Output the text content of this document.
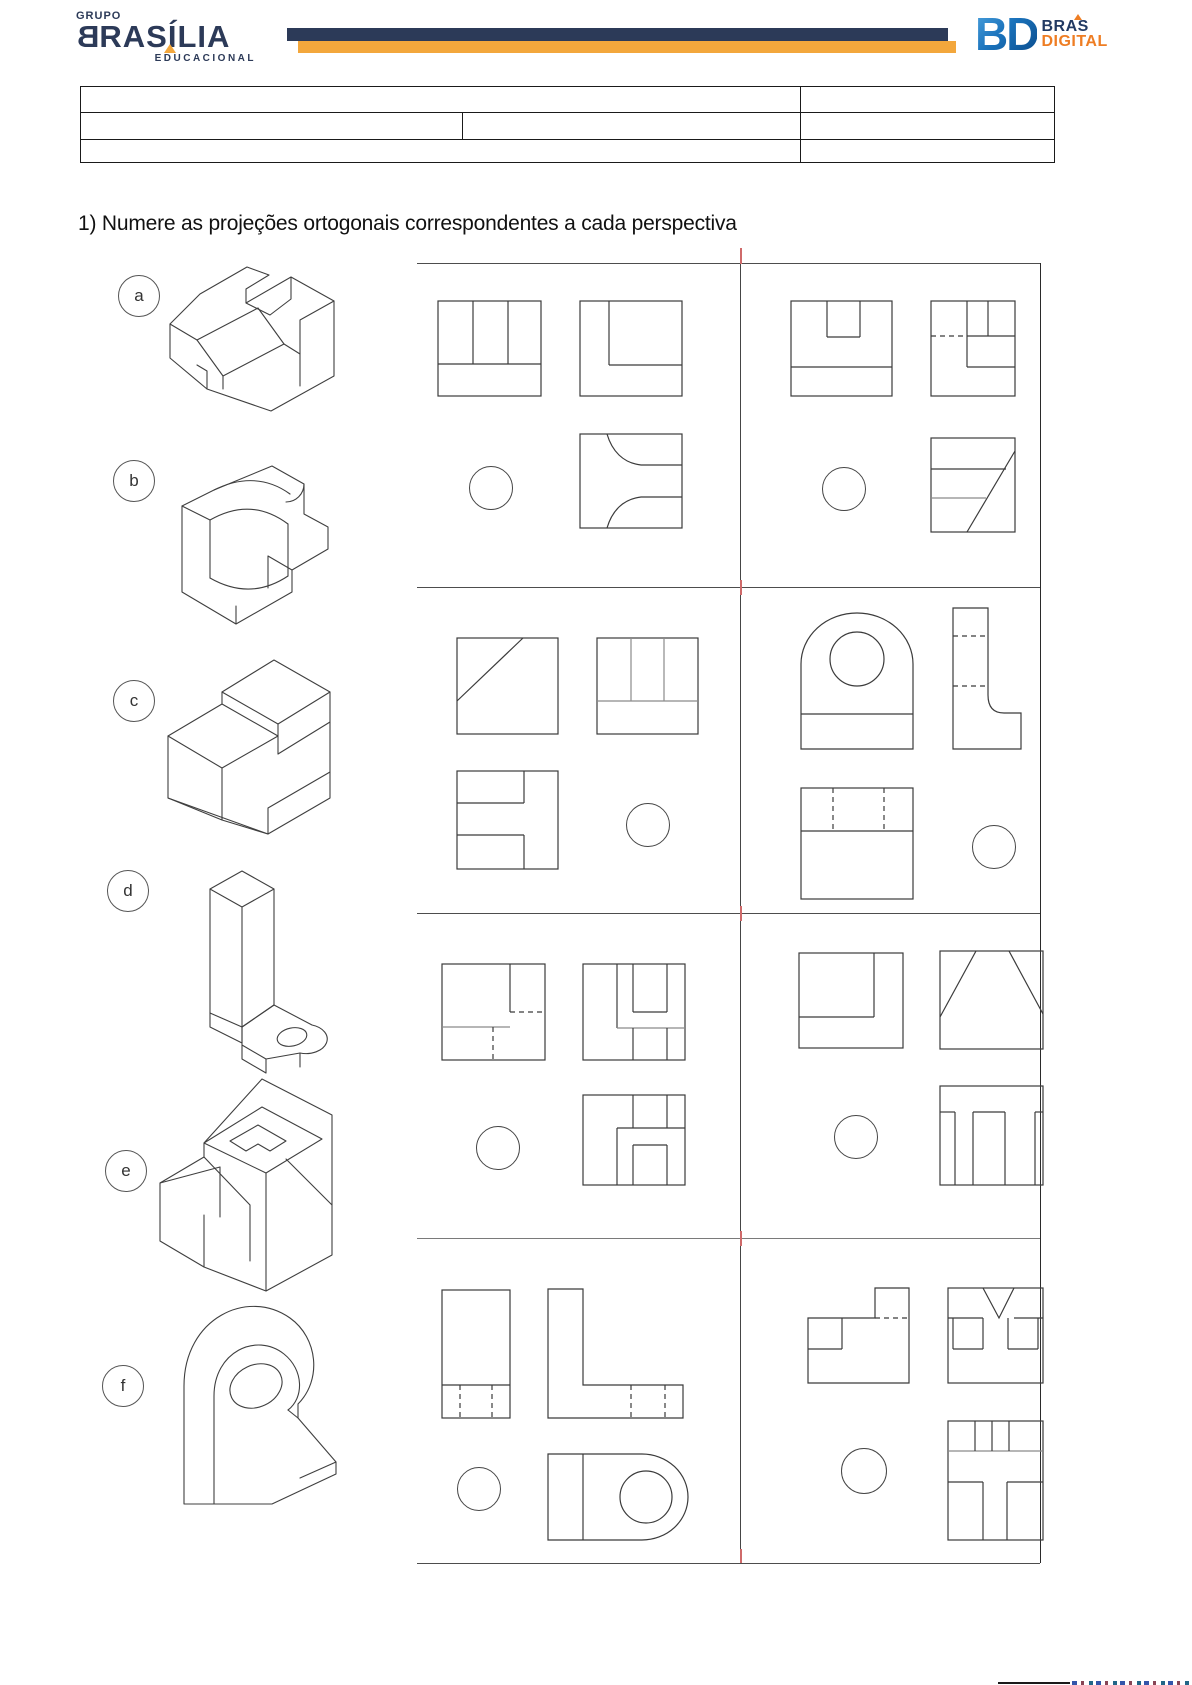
GRUPO
BRASÍLIA
EDUCACIONAL	BD BRAS
DIGITAL
1) Numere as projeções ortogonais correspondentes a cada perspectiva
a
b
c
d
e
f
